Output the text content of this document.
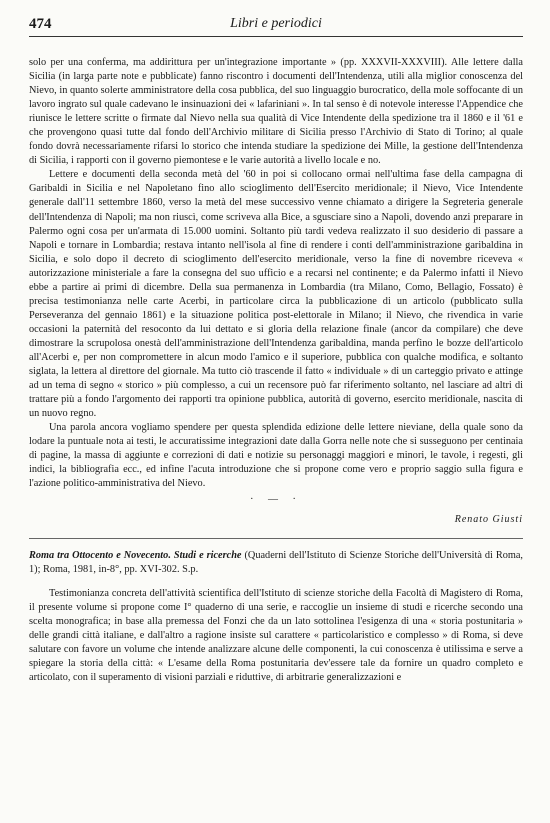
474	Libri e periodici

solo per una conferma, ma addirittura per un'integrazione importante » (pp. XXXVII-XXXVIII). Alle lettere dalla Sicilia (in larga parte note e pubblicate) fanno riscontro i documenti dell'Intendenza, utili alla miglior conoscenza del Nievo, in quanto solerte amministratore della cosa pubblica, del suo linguaggio burocratico, della mole soffocante di un lavoro ingrato sul quale cadevano le insinuazioni dei « lafariniani ». In tal senso è di notevole interesse l'Appendice che riunisce le lettere scritte o firmate dal Nievo nella sua qualità di Vice Intendente della spedizione tra il 1860 e il '61 e che provengono quasi tutte dal fondo dell'Archivio militare di Sicilia presso l'Archivio di Stato di Torino; al quale fondo dovrà necessariamente rifarsi lo storico che intenda studiare la spedizione dei Mille, la gestione dell'Intendenza di Sicilia, i rapporti con il governo piemontese e le varie autorità a livello locale e no.

Lettere e documenti della seconda metà del '60 in poi si collocano ormai nell'ultima fase della campagna di Garibaldi in Sicilia e nel Napoletano fino allo scioglimento dell'Esercito meridionale; il Nievo, Vice Intendente generale dall'11 settembre 1860, verso la metà del mese successivo venne chiamato a dirigere la Segreteria generale dell'Intendenza di Napoli; ma non riuscì, come scriveva alla Bice, a sgusciare sino a Napoli, dovendo anzi preparare in Palermo ogni cosa per un'armata di 15.000 uomini. Soltanto più tardi vedeva realizzato il suo desiderio di passare a Napoli e tornare in Lombardia; restava intanto nell'isola al fine di rendere i conti dell'amministrazione garibaldina in Sicilia, e solo dopo il decreto di scioglimento dell'esercito meridionale, verso la fine di novembre riceveva « autorizzazione ministeriale a fare la consegna del suo ufficio e a recarsi nel continente; e da Palermo infatti il Nievo ebbe a partire ai primi di dicembre. Della sua permanenza in Lombardia (tra Milano, Como, Bellagio, Fossato) è precisa testimonianza nelle carte Acerbi, in particolare circa la pubblicazione di un articolo (pubblicato sulla Perseveranza del gennaio 1861) e la situazione politica post-elettorale in Milano; il Nievo, che rivendica in varie occasioni la paternità del resoconto da lui dettato e si gloria della relazione finale (ancor da compilare) che deve dimostrare la scrupolosa onestà dell'amministrazione dell'Intendenza garibaldina, manda perfino le bozze dell'articolo all'Acerbi e, per non compromettere in alcun modo l'amico e il superiore, pubblica con qualche modifica, e soltanto siglata, la lettera al direttore del giornale. Ma tutto ciò trascende il fatto « individuale » di un carteggio privato e attinge ad un tema di segno « storico » più complesso, a cui un recensore può far riferimento soltanto, nel lasciare ad altri di trattare più a fondo l'argomento dei rapporti tra opinione pubblica, autorità di governo, esercito meridionale, nascita di un nuovo regno.

Una parola ancora vogliamo spendere per questa splendida edizione delle lettere nieviane, della quale sono da lodare la puntuale nota ai testi, le accuratissime integrazioni date dalla Gorra nelle note che si susseguono per centinaia di pagine, la massa di aggiunte e correzioni di dati e notizie su personaggi maggiori e minori, le tavole, i regesti, gli indici, la bibliografia ecc., ed infine l'acuta introduzione che si propone come vero e proprio saggio sulla figura e l'azione politico-amministrativa del Nievo.

· — ·
Renato Giusti

Roma tra Ottocento e Novecento. Studi e ricerche (Quaderni dell'Istituto di Scienze Storiche dell'Università di Roma, 1); Roma, 1981, in-8°, pp. XVI-302. S.p.

Testimonianza concreta dell'attività scientifica dell'Istituto di scienze storiche della Facoltà di Magistero di Roma, il presente volume si propone come I° quaderno di una serie, e raccoglie un insieme di studi e ricerche secondo una scelta monografica; in base alla premessa del Fonzi che da un lato sottolinea l'esigenza di una « storia postunitaria » delle grandi città italiane, e dall'altro a ragione insiste sul carattere « particolaristico e complesso » di Roma, si deve salutare con favore un volume che intende analizzare alcune delle componenti, la cui conoscenza è utilissima e serve a spiegare la storia della città: « L'esame della Roma postunitaria dev'essere tale da fornire un quadro completo e articolato, con il superamento di visioni parziali e riduttive, di arbitrarie generalizzazioni e
